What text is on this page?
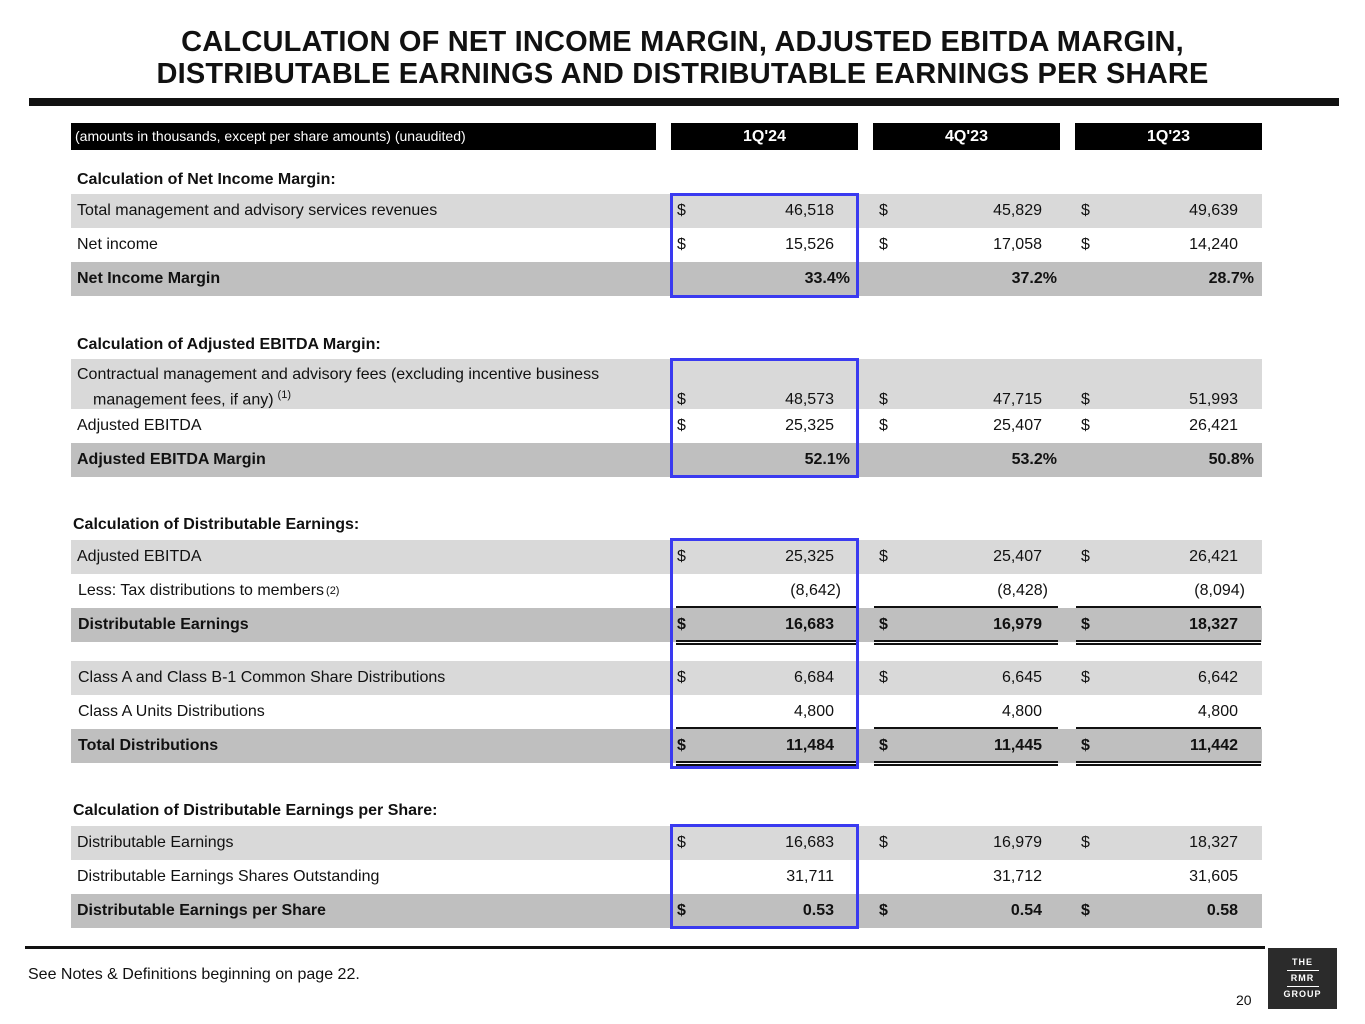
CALCULATION OF NET INCOME MARGIN, ADJUSTED EBITDA MARGIN,
DISTRIBUTABLE EARNINGS AND DISTRIBUTABLE EARNINGS PER SHARE
(amounts in thousands, except per share amounts) (unaudited)	1Q'24	4Q'23	1Q'23
Calculation of Net Income Margin:
Total management and advisory services revenues	$	46,518	$	45,829 $	49,639
Net income	$	15,526	$	17,058 $	14,240
Net Income Margin	33.4%	37.2%	28.7%
Calculation of Adjusted EBITDA Margin:
Contractual management and advisory fees (excluding incentive business
management fees, if any) $^{(1)}$	$	48,573	$	47,715 $	51,993
Adjusted EBITDA	$	25,325	$	25,407 $	26,421
Adjusted EBITDA Margin	52.1%	53.2%	50.8%
Calculation of Distributable Earnings:
Adjusted EBITDA	$	25,325	$	25,407 $	26,421
Less: Tax distributions to members (2)	(8,642)	(8,428)	(8,094)
Distributable Earnings	$	16,683	$	16,979 $	18,327
Class A and Class B-1 Common Share Distributions	$	6,684	$	6,645 $	6,642
Class A Units Distributions	4,800	4,800	4,800
Total Distributions	$	11,484	$	11,445 $	11,442
Calculation of Distributable Earnings per Share:
Distributable Earnings	$	16,683	$	16,979 $	18,327
Distributable Earnings Shares Outstanding	31,711	31,712	31,605
Distributable Earnings per Share	$	0.53	$	0.54 $	0.58
See Notes & Definitions beginning on page 22.
20
THE
RMR
GROUP
